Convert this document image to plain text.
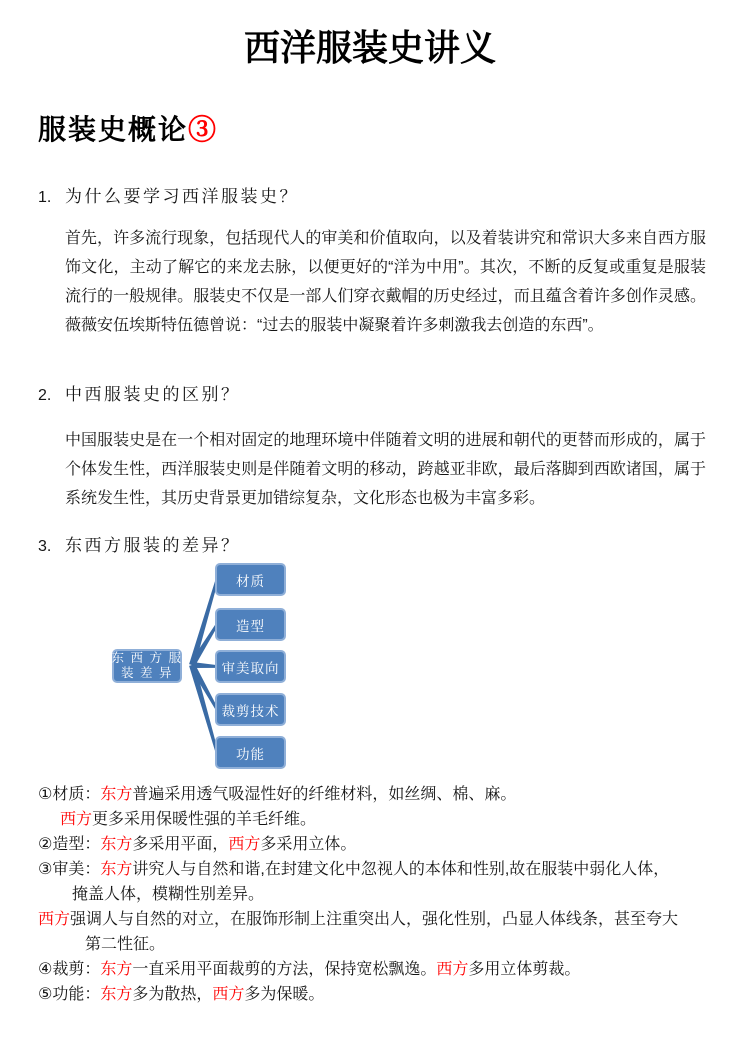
西洋服装史讲义
服装史概论③
1. 为什么要学习西洋服装史？

首先，许多流行现象，包括现代人的审美和价值取向，以及着装讲究和常识大多来自西方服饰文化，主动了解它的来龙去脉，以便更好的“洋为中用”。其次，不断的反复或重复是服装流行的一般规律。服装史不仅是一部人们穿衣戴帽的历史经过，而且蕴含着许多创作灵感。薇薇安伍埃斯特伍德曾说：“过去的服装中凝聚着许多刺激我去创造的东西”。

2. 中西服装史的区别？

中国服装史是在一个相对固定的地理环境中伴随着文明的进展和朝代的更替而形成的，属于个体发生性，西洋服装史则是伴随着文明的移动，跨越亚非欧，最后落脚到西欧诸国，属于系统发生性，其历史背景更加错综复杂，文化形态也极为丰富多彩。

3. 东西方服装的差异？
东 西 方 服
装 差 异
材质
造型
审美取向
裁剪技术
功能
①材质：东方普遍采用透气吸湿性好的纤维材料，如丝绸、棉、麻。
西方更多采用保暖性强的羊毛纤维。
②造型：东方多采用平面，西方多采用立体。
③审美：东方讲究人与自然和谐,在封建文化中忽视人的本体和性别,故在服装中弱化人体，
掩盖人体，模糊性别差异。
西方强调人与自然的对立，在服饰形制上注重突出人，强化性别，凸显人体线条，甚至夸大
第二性征。
④裁剪：东方一直采用平面裁剪的方法，保持宽松飘逸。西方多用立体剪裁。
⑤功能：东方多为散热，西方多为保暖。
